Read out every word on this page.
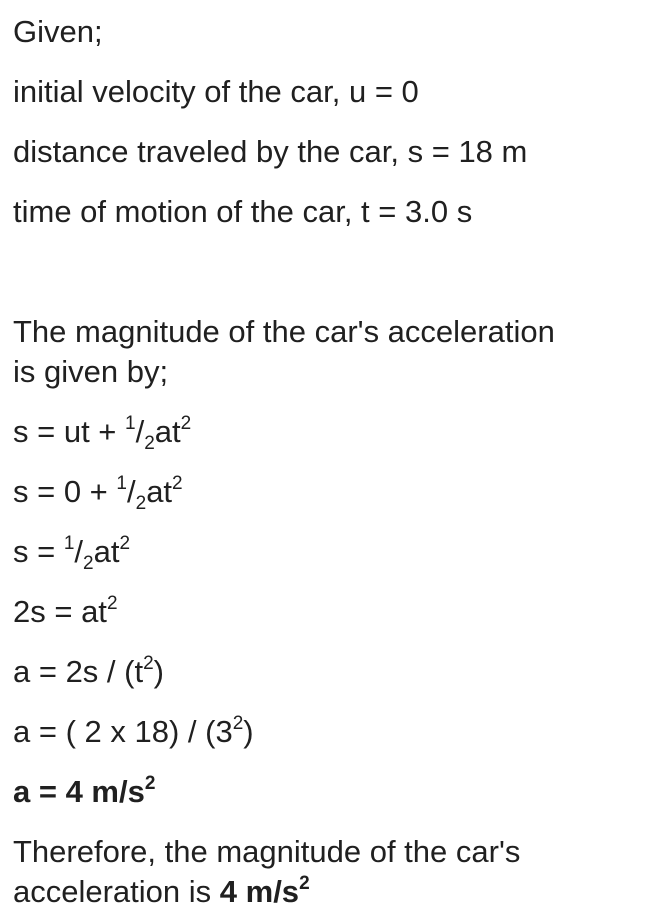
Given;
initial velocity of the car, u = 0
distance traveled by the car, s = 18 m
time of motion of the car, t = 3.0 s
The magnitude of the car's acceleration
is given by;
s = ut + $^1/_2at^2$
$s = 0 + ^1/_2at^2$
$s = ^1/_2at^2$
$2s = at^2$
$a = 2s / (t^2)$
a = ( 2 x $18) / (3^2)$
a = 4 $m/s^2$
Therefore, the magnitude of the car's
acceleration is 4 $m/s^2$
